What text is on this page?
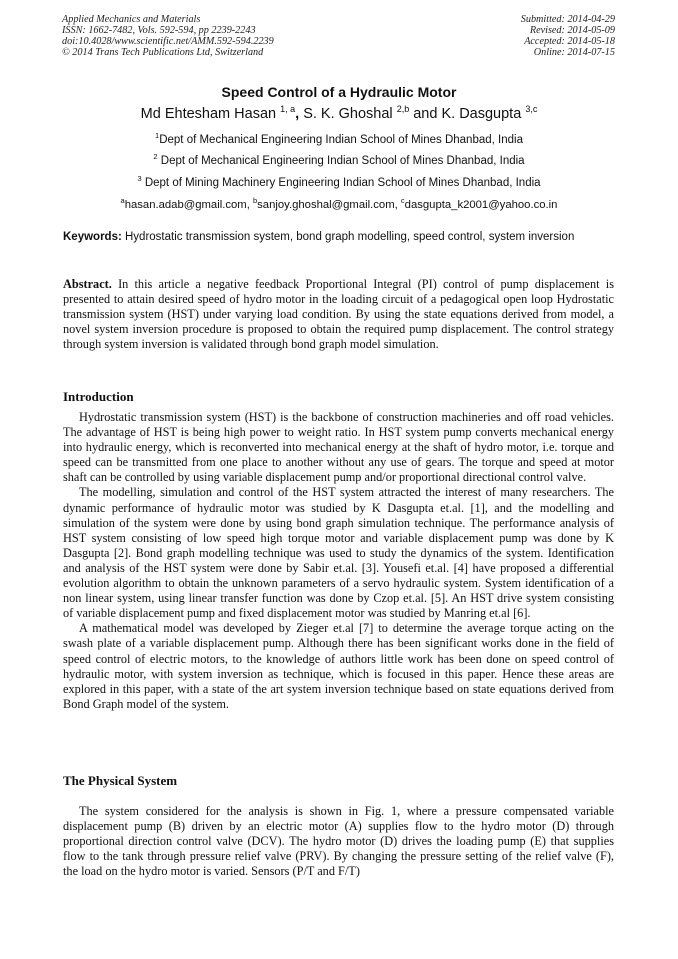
Applied Mechanics and Materials
ISSN: 1662-7482, Vols. 592-594, pp 2239-2243
doi:10.4028/www.scientific.net/AMM.592-594.2239
© 2014 Trans Tech Publications Ltd, Switzerland
Submitted: 2014-04-29
Revised: 2014-05-09
Accepted: 2014-05-18
Online: 2014-07-15
Speed Control of a Hydraulic Motor
Md Ehtesham Hasan $^{1, a}$, S. K. Ghoshal $^{2,b}$ and K. Dasgupta $^{3,c}$
$^1$Dept of Mechanical Engineering Indian School of Mines Dhanbad, India
$^2$ Dept of Mechanical Engineering Indian School of Mines Dhanbad, India
$^3$ Dept of Mining Machinery Engineering Indian School of Mines Dhanbad, India
$^a$hasan.adab@gmail.com, $^b$sanjoy.ghoshal@gmail.com, $^c$dasgupta_k2001@yahoo.co.in
Keywords: Hydrostatic transmission system, bond graph modelling, speed control, system inversion
Abstract. In this article a negative feedback Proportional Integral (PI) control of pump displacement is presented to attain desired speed of hydro motor in the loading circuit of a pedagogical open loop Hydrostatic transmission system (HST) under varying load condition. By using the state equations derived from model, a novel system inversion procedure is proposed to obtain the required pump displacement. The control strategy through system inversion is validated through bond graph model simulation.
Introduction

Hydrostatic transmission system (HST) is the backbone of construction machineries and off road vehicles. The advantage of HST is being high power to weight ratio. In HST system pump converts mechanical energy into hydraulic energy, which is reconverted into mechanical energy at the shaft of hydro motor, i.e. torque and speed can be transmitted from one place to another without any use of gears. The torque and speed at motor shaft can be controlled by using variable displacement pump and/or proportional directional control valve.

The modelling, simulation and control of the HST system attracted the interest of many researchers. The dynamic performance of hydraulic motor was studied by K Dasgupta et.al. [1], and the modelling and simulation of the system were done by using bond graph simulation technique. The performance analysis of HST system consisting of low speed high torque motor and variable displacement pump was done by K Dasgupta [2]. Bond graph modelling technique was used to study the dynamics of the system. Identification and analysis of the HST system were done by Sabir et.al. [3]. Yousefi et.al. [4] have proposed a differential evolution algorithm to obtain the unknown parameters of a servo hydraulic system. System identification of a non linear system, using linear transfer function was done by Czop et.al. [5]. An HST drive system consisting of variable displacement pump and fixed displacement motor was studied by Manring et.al [6].

A mathematical model was developed by Zieger et.al [7] to determine the average torque acting on the swash plate of a variable displacement pump. Although there has been significant works done in the field of speed control of electric motors, to the knowledge of authors little work has been done on speed control of hydraulic motor, with system inversion as technique, which is focused in this paper. Hence these areas are explored in this paper, with a state of the art system inversion technique based on state equations derived from Bond Graph model of the system.

The Physical System

The system considered for the analysis is shown in Fig. 1, where a pressure compensated variable displacement pump (B) driven by an electric motor (A) supplies flow to the hydro motor (D) through proportional direction control valve (DCV). The hydro motor (D) drives the loading pump (E) that supplies flow to the tank through pressure relief valve (PRV). By changing the pressure setting of the relief valve (F), the load on the hydro motor is varied. Sensors (P/T and F/T)
